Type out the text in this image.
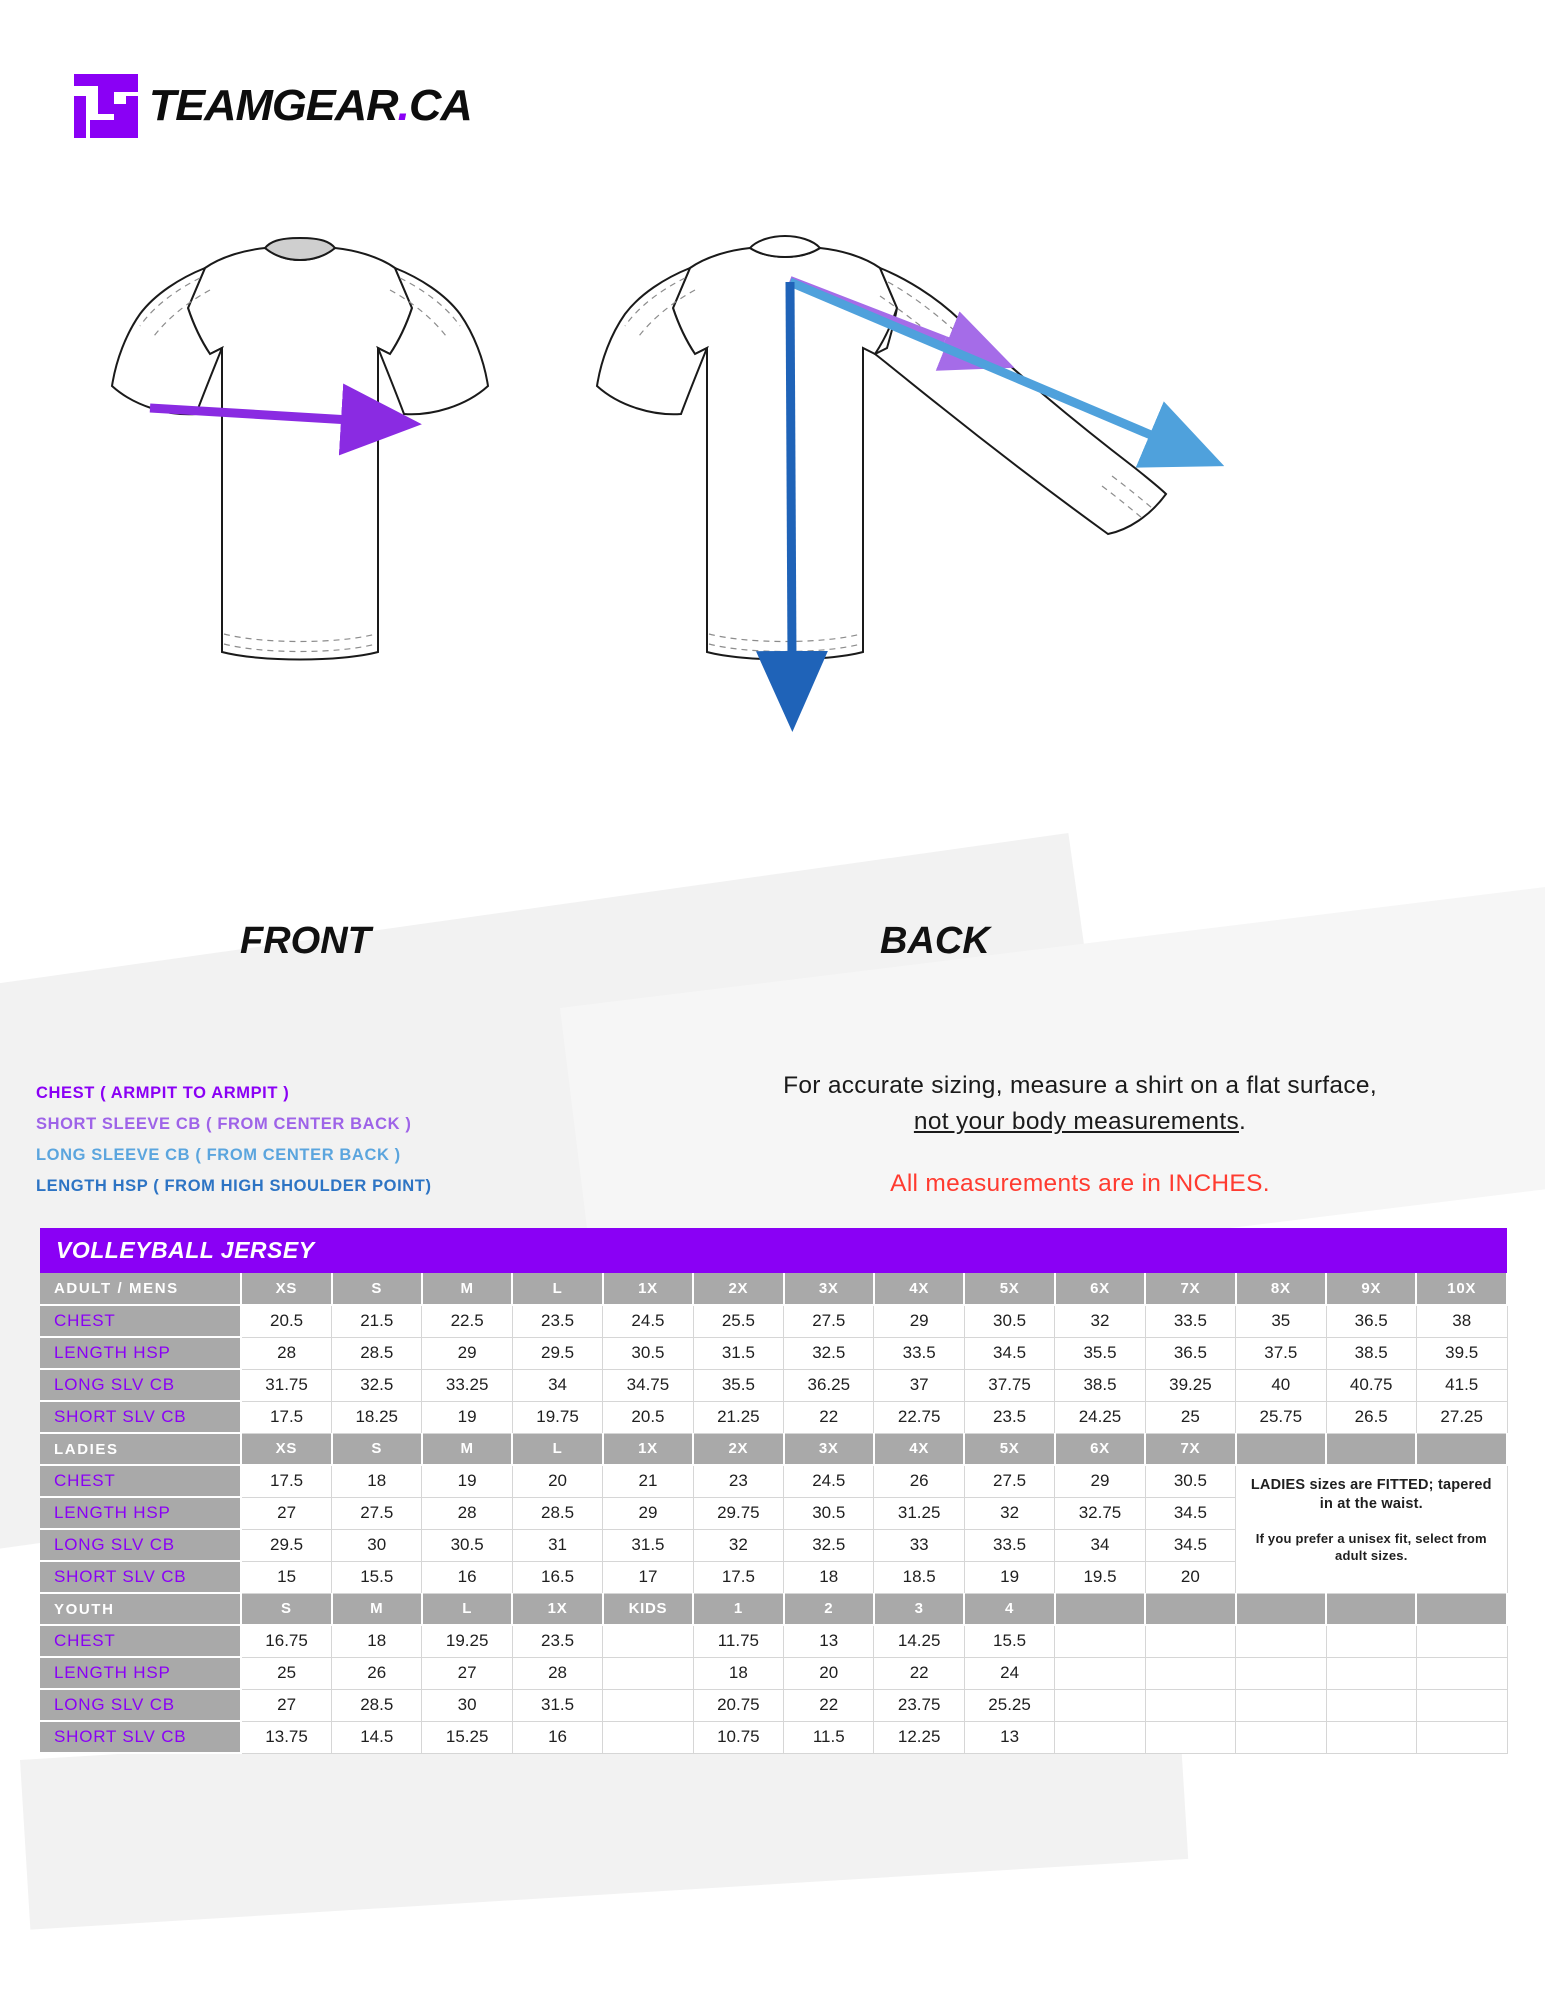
TEAMGEAR.CA
FRONT	BACK
CHEST ( ARMPIT TO ARMPIT )
SHORT SLEEVE CB ( FROM CENTER BACK )
LONG SLEEVE CB ( FROM CENTER BACK )
LENGTH HSP ( FROM HIGH SHOULDER POINT)
For accurate sizing, measure a shirt on a flat surface,
not your body measurements.
All measurements are in INCHES.
VOLLEYBALL JERSEY														
ADULT / MENS	XS	S	M	L	1X	2X	3X	4X	5X	6X	7X	8X	9X	10X
CHEST	20.5	21.5	22.5	23.5	24.5	25.5	27.5	29	30.5	32	33.5	35	36.5	38
LENGTH HSP	28	28.5	29	29.5	30.5	31.5	32.5	33.5	34.5	35.5	36.5	37.5	38.5	39.5
LONG SLV CB	31.75	32.5	33.25	34	34.75	35.5	36.25	37	37.75	38.5	39.25	40	40.75	41.5
SHORT SLV CB	17.5	18.25	19	19.75	20.5	21.25	22	22.75	23.5	24.25	25	25.75	26.5	27.25
LADIES	XS	S	M	L	1X	2X	3X	4X	5X	6X	7X			
CHEST	17.5	18	19	20	21	23	24.5	26	27.5	29	30.5	LADIES sizes are FITTED; tapered in at the waist.
If you prefer a unisex fit, select from adult sizes.		

LENGTH HSP	27	27.5	28	28.5	29	29.75	30.5	31.25	32	32.75	34.5			
LONG SLV CB	29.5	30	30.5	31	31.5	32	32.5	33	33.5	34	34.5			
SHORT SLV CB	15	15.5	16	16.5	17	17.5	18	18.5	19	19.5	20			
YOUTH	S	M	L	1X	KIDS	1	2	3	4					
CHEST	16.75	18	19.25	23.5		11.75	13	14.25	15.5					
LENGTH HSP	25	26	27	28		18	20	22	24					
LONG SLV CB	27	28.5	30	31.5		20.75	22	23.75	25.25					
SHORT SLV CB	13.75	14.5	15.25	16		10.75	11.5	12.25	13					
